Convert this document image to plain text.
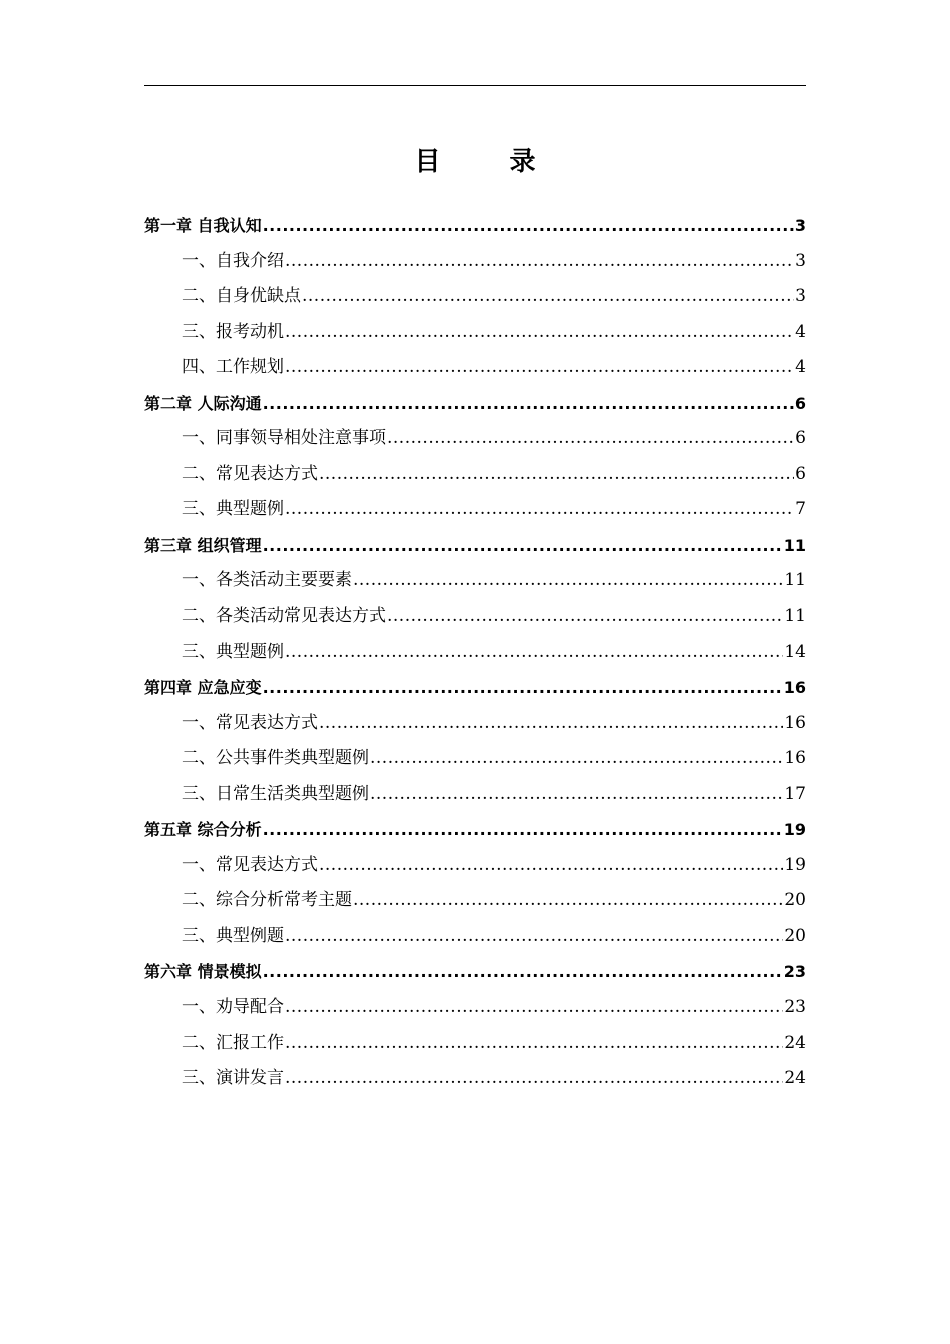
目 录
第一章 自我认知 .....	3
一、自我介绍 .....	3
二、自身优缺点 .....	3
三、报考动机 .....	4
四、工作规划 .....	4
第二章 人际沟通 .....	6
一、同事领导相处注意事项 .....	6
二、常见表达方式 .....	6
三、典型题例 .....	7
第三章 组织管理 .....	11
一、各类活动主要要素 .....	11
二、各类活动常见表达方式 .....	11
三、典型题例 .....	14
第四章 应急应变 .....	16
一、常见表达方式 .....	16
二、公共事件类典型题例 .....	16
三、日常生活类典型题例 .....	17
第五章 综合分析 .....	19
一、常见表达方式 .....	19
二、综合分析常考主题 .....	20
三、典型例题 .....	20
第六章 情景模拟 .....	23
一、劝导配合 .....	23
二、汇报工作 .....	24
三、演讲发言 .....	24
